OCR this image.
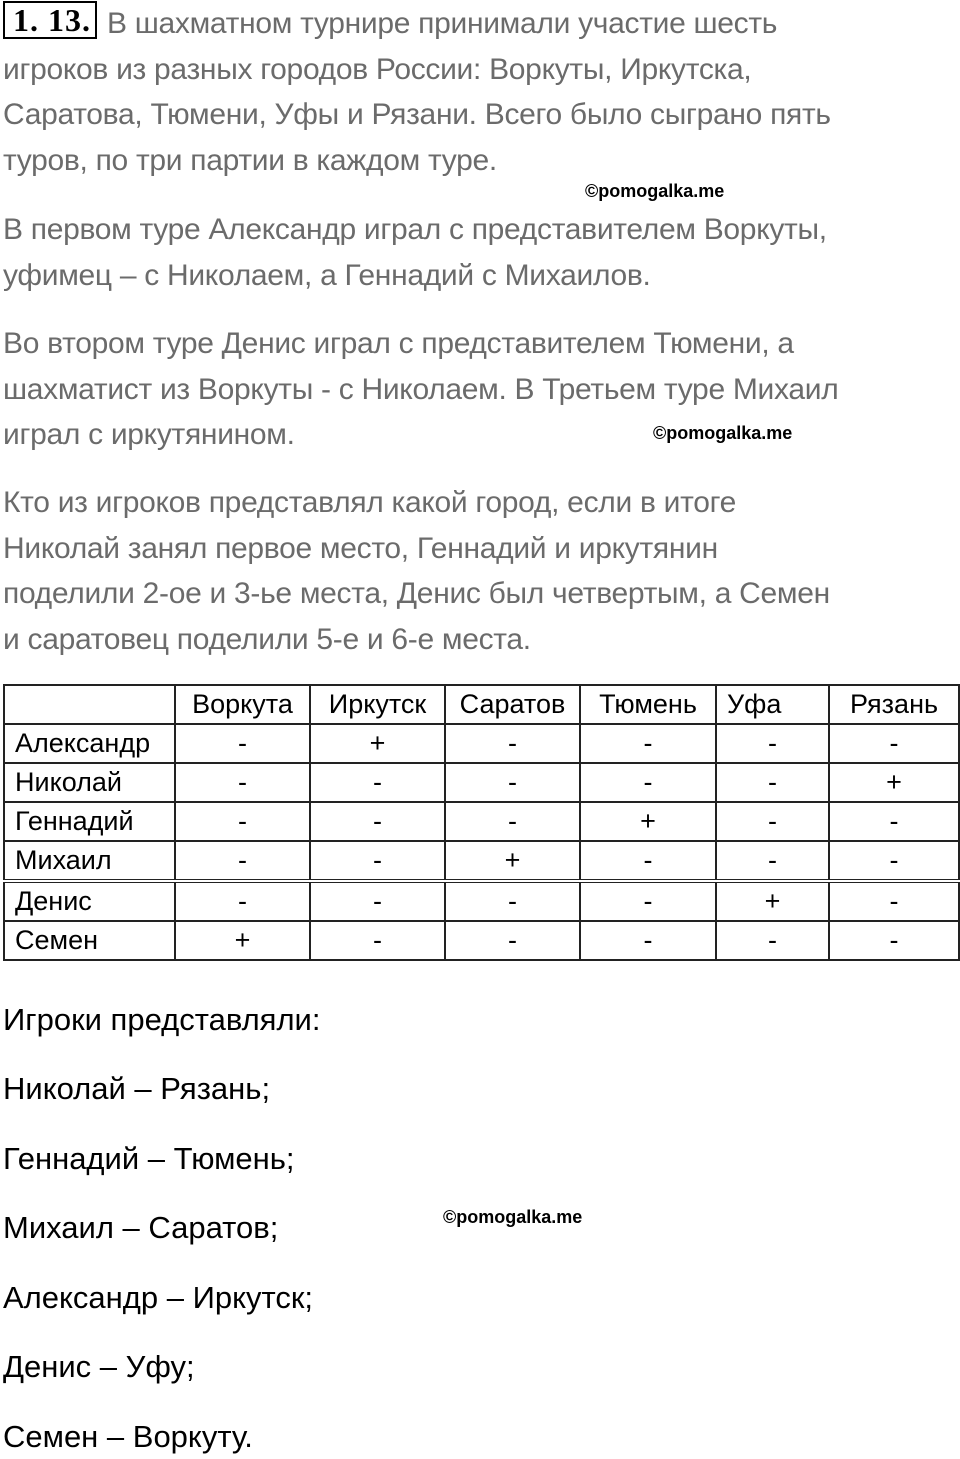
1. 13. В шахматном турнире принимали участие шесть
игроков из разных городов России: Воркуты, Иркутска,
Саратова, Тюмени, Уфы и Рязани. Всего было сыграно пять
туров, по три партии в каждом туре.
©pomogalka.me
В первом туре Александр играл с представителем Воркуты,
уфимец – с Николаем, а Геннадий с Михаилов.
Во втором туре Денис играл с представителем Тюмени, а
шахматист из Воркуты - с Николаем. В Третьем туре Михаил
играл с иркутянином.	©pomogalka.me
Кто из игроков представлял какой город, если в итоге
Николай занял первое место, Геннадий и иркутянин
поделили 2-ое и 3-ье места, Денис был четвертым, а Семен
и саратовец поделили 5-е и 6-е места.
	Воркута	Иркутск	Саратов	Тюмень	Уфа	Рязань
Александр	-	+	-	-	-	-
Николай	-	-	-	-	-	+
Геннадий	-	-	-	+	-	-
Михаил	-	-	+	-	-	-
Денис	-	-	-	-	+	-
Семен	+	-	-	-	-	-
Игроки представляли:
Николай – Рязань;
Геннадий – Тюмень;
Михаил – Саратов;	©pomogalka.me
Александр – Иркутск;
Денис – Уфу;
Семен – Воркуту.
